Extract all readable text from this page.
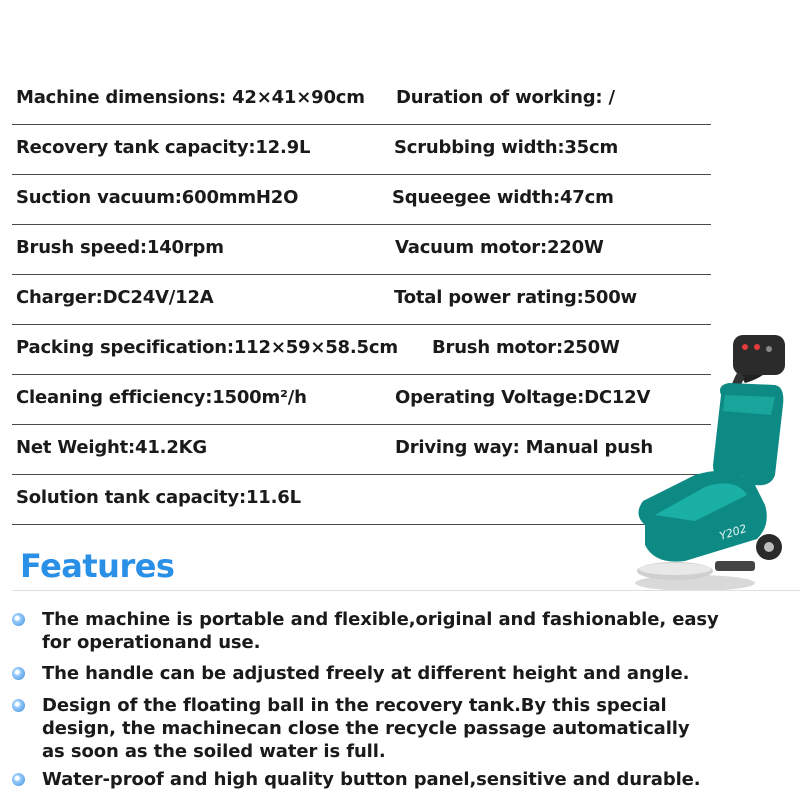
Machine dimensions: 42×41×90cm Duration of working: /
Recovery tank capacity:12.9L	Scrubbing width:35cm
Suction vacuum:600mmH2O	Squeegee width:47cm
Brush speed:140rpm	Vacuum motor:220W
Charger:DC24V/12A	Total power rating:500w
Packing specification:112×59×58.5cm Brush motor:250W
Cleaning efficiency:1500m²/h	Operating Voltage:DC12V
Net Weight:41.2KG	Driving way: Manual push
Solution tank capacity:11.6L
Y202
Features
The machine is portable and flexible,original and fashionable, easy
for operationand use.
The handle can be adjusted freely at different height and angle.
Design of the floating ball in the recovery tank.By this special
design, the machinecan close the recycle passage automatically
as soon as the soiled water is full.
Water-proof and high quality button panel,sensitive and durable.
